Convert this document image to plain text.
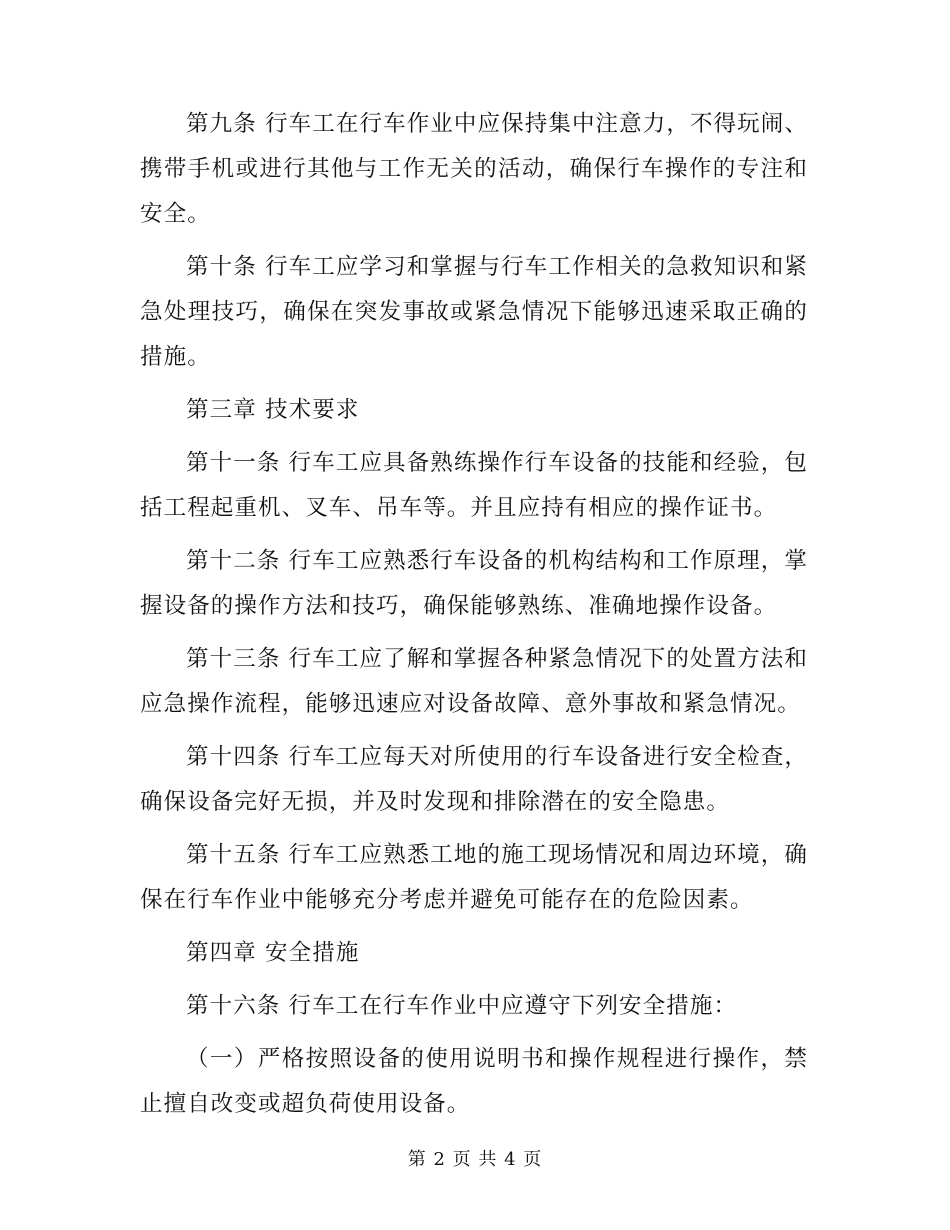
第九条 行车工在行车作业中应保持集中注意力，不得玩闹、携带手机或进行其他与工作无关的活动，确保行车操作的专注和安全。

第十条 行车工应学习和掌握与行车工作相关的急救知识和紧急处理技巧，确保在突发事故或紧急情况下能够迅速采取正确的措施。

第三章 技术要求

第十一条 行车工应具备熟练操作行车设备的技能和经验，包括工程起重机、叉车、吊车等。并且应持有相应的操作证书。

第十二条 行车工应熟悉行车设备的机构结构和工作原理，掌握设备的操作方法和技巧，确保能够熟练、准确地操作设备。

第十三条 行车工应了解和掌握各种紧急情况下的处置方法和应急操作流程，能够迅速应对设备故障、意外事故和紧急情况。

第十四条 行车工应每天对所使用的行车设备进行安全检查，确保设备完好无损，并及时发现和排除潜在的安全隐患。

第十五条 行车工应熟悉工地的施工现场情况和周边环境，确保在行车作业中能够充分考虑并避免可能存在的危险因素。

第四章 安全措施

第十六条 行车工在行车作业中应遵守下列安全措施：

（一）严格按照设备的使用说明书和操作规程进行操作，禁止擅自改变或超负荷使用设备。

第 2 页 共 4 页
